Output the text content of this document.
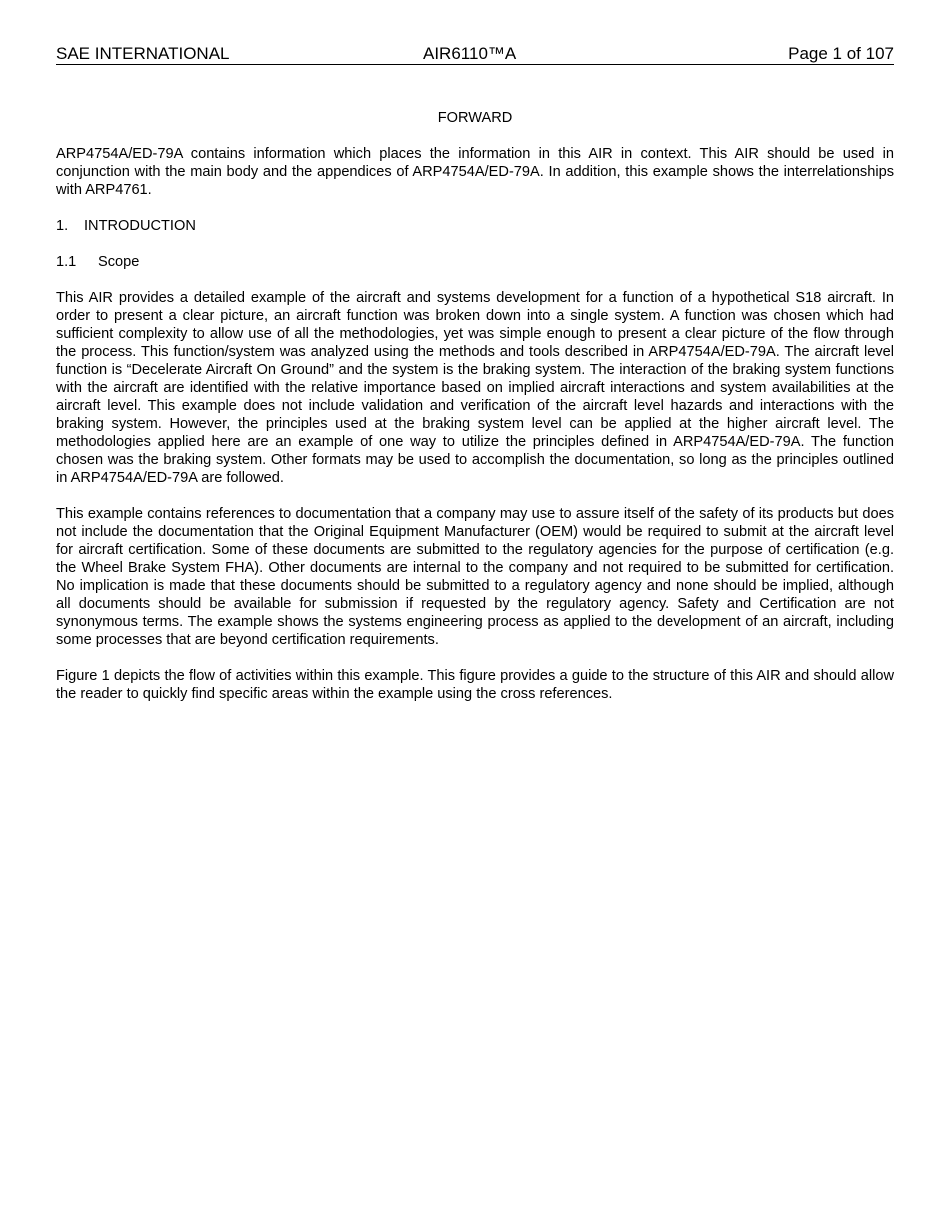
SAE INTERNATIONAL	AIR6110™A	Page 1 of 107
FORWARD

ARP4754A/ED-79A contains information which places the information in this AIR in context. This AIR should be used in conjunction with the main body and the appendices of ARP4754A/ED-79A. In addition, this example shows the interrelationships with ARP4761.

1. INTRODUCTION
1.1 Scope

This AIR provides a detailed example of the aircraft and systems development for a function of a hypothetical S18 aircraft. In order to present a clear picture, an aircraft function was broken down into a single system. A function was chosen which had sufficient complexity to allow use of all the methodologies, yet was simple enough to present a clear picture of the flow through the process. This function/system was analyzed using the methods and tools described in ARP4754A/ED-79A. The aircraft level function is “Decelerate Aircraft On Ground” and the system is the braking system. The interaction of the braking system functions with the aircraft are identified with the relative importance based on implied aircraft interactions and system availabilities at the aircraft level. This example does not include validation and verification of the aircraft level hazards and interactions with the braking system. However, the principles used at the braking system level can be applied at the higher aircraft level. The methodologies applied here are an example of one way to utilize the principles defined in ARP4754A/ED-79A. The function chosen was the braking system. Other formats may be used to accomplish the documentation, so long as the principles outlined in ARP4754A/ED-79A are followed.

This example contains references to documentation that a company may use to assure itself of the safety of its products but does not include the documentation that the Original Equipment Manufacturer (OEM) would be required to submit at the aircraft level for aircraft certification. Some of these documents are submitted to the regulatory agencies for the purpose of certification (e.g. the Wheel Brake System FHA). Other documents are internal to the company and not required to be submitted for certification. No implication is made that these documents should be submitted to a regulatory agency and none should be implied, although all documents should be available for submission if requested by the regulatory agency. Safety and Certification are not synonymous terms. The example shows the systems engineering process as applied to the development of an aircraft, including some processes that are beyond certification requirements.

Figure 1 depicts the flow of activities within this example. This figure provides a guide to the structure of this AIR and should allow the reader to quickly find specific areas within the example using the cross references.
